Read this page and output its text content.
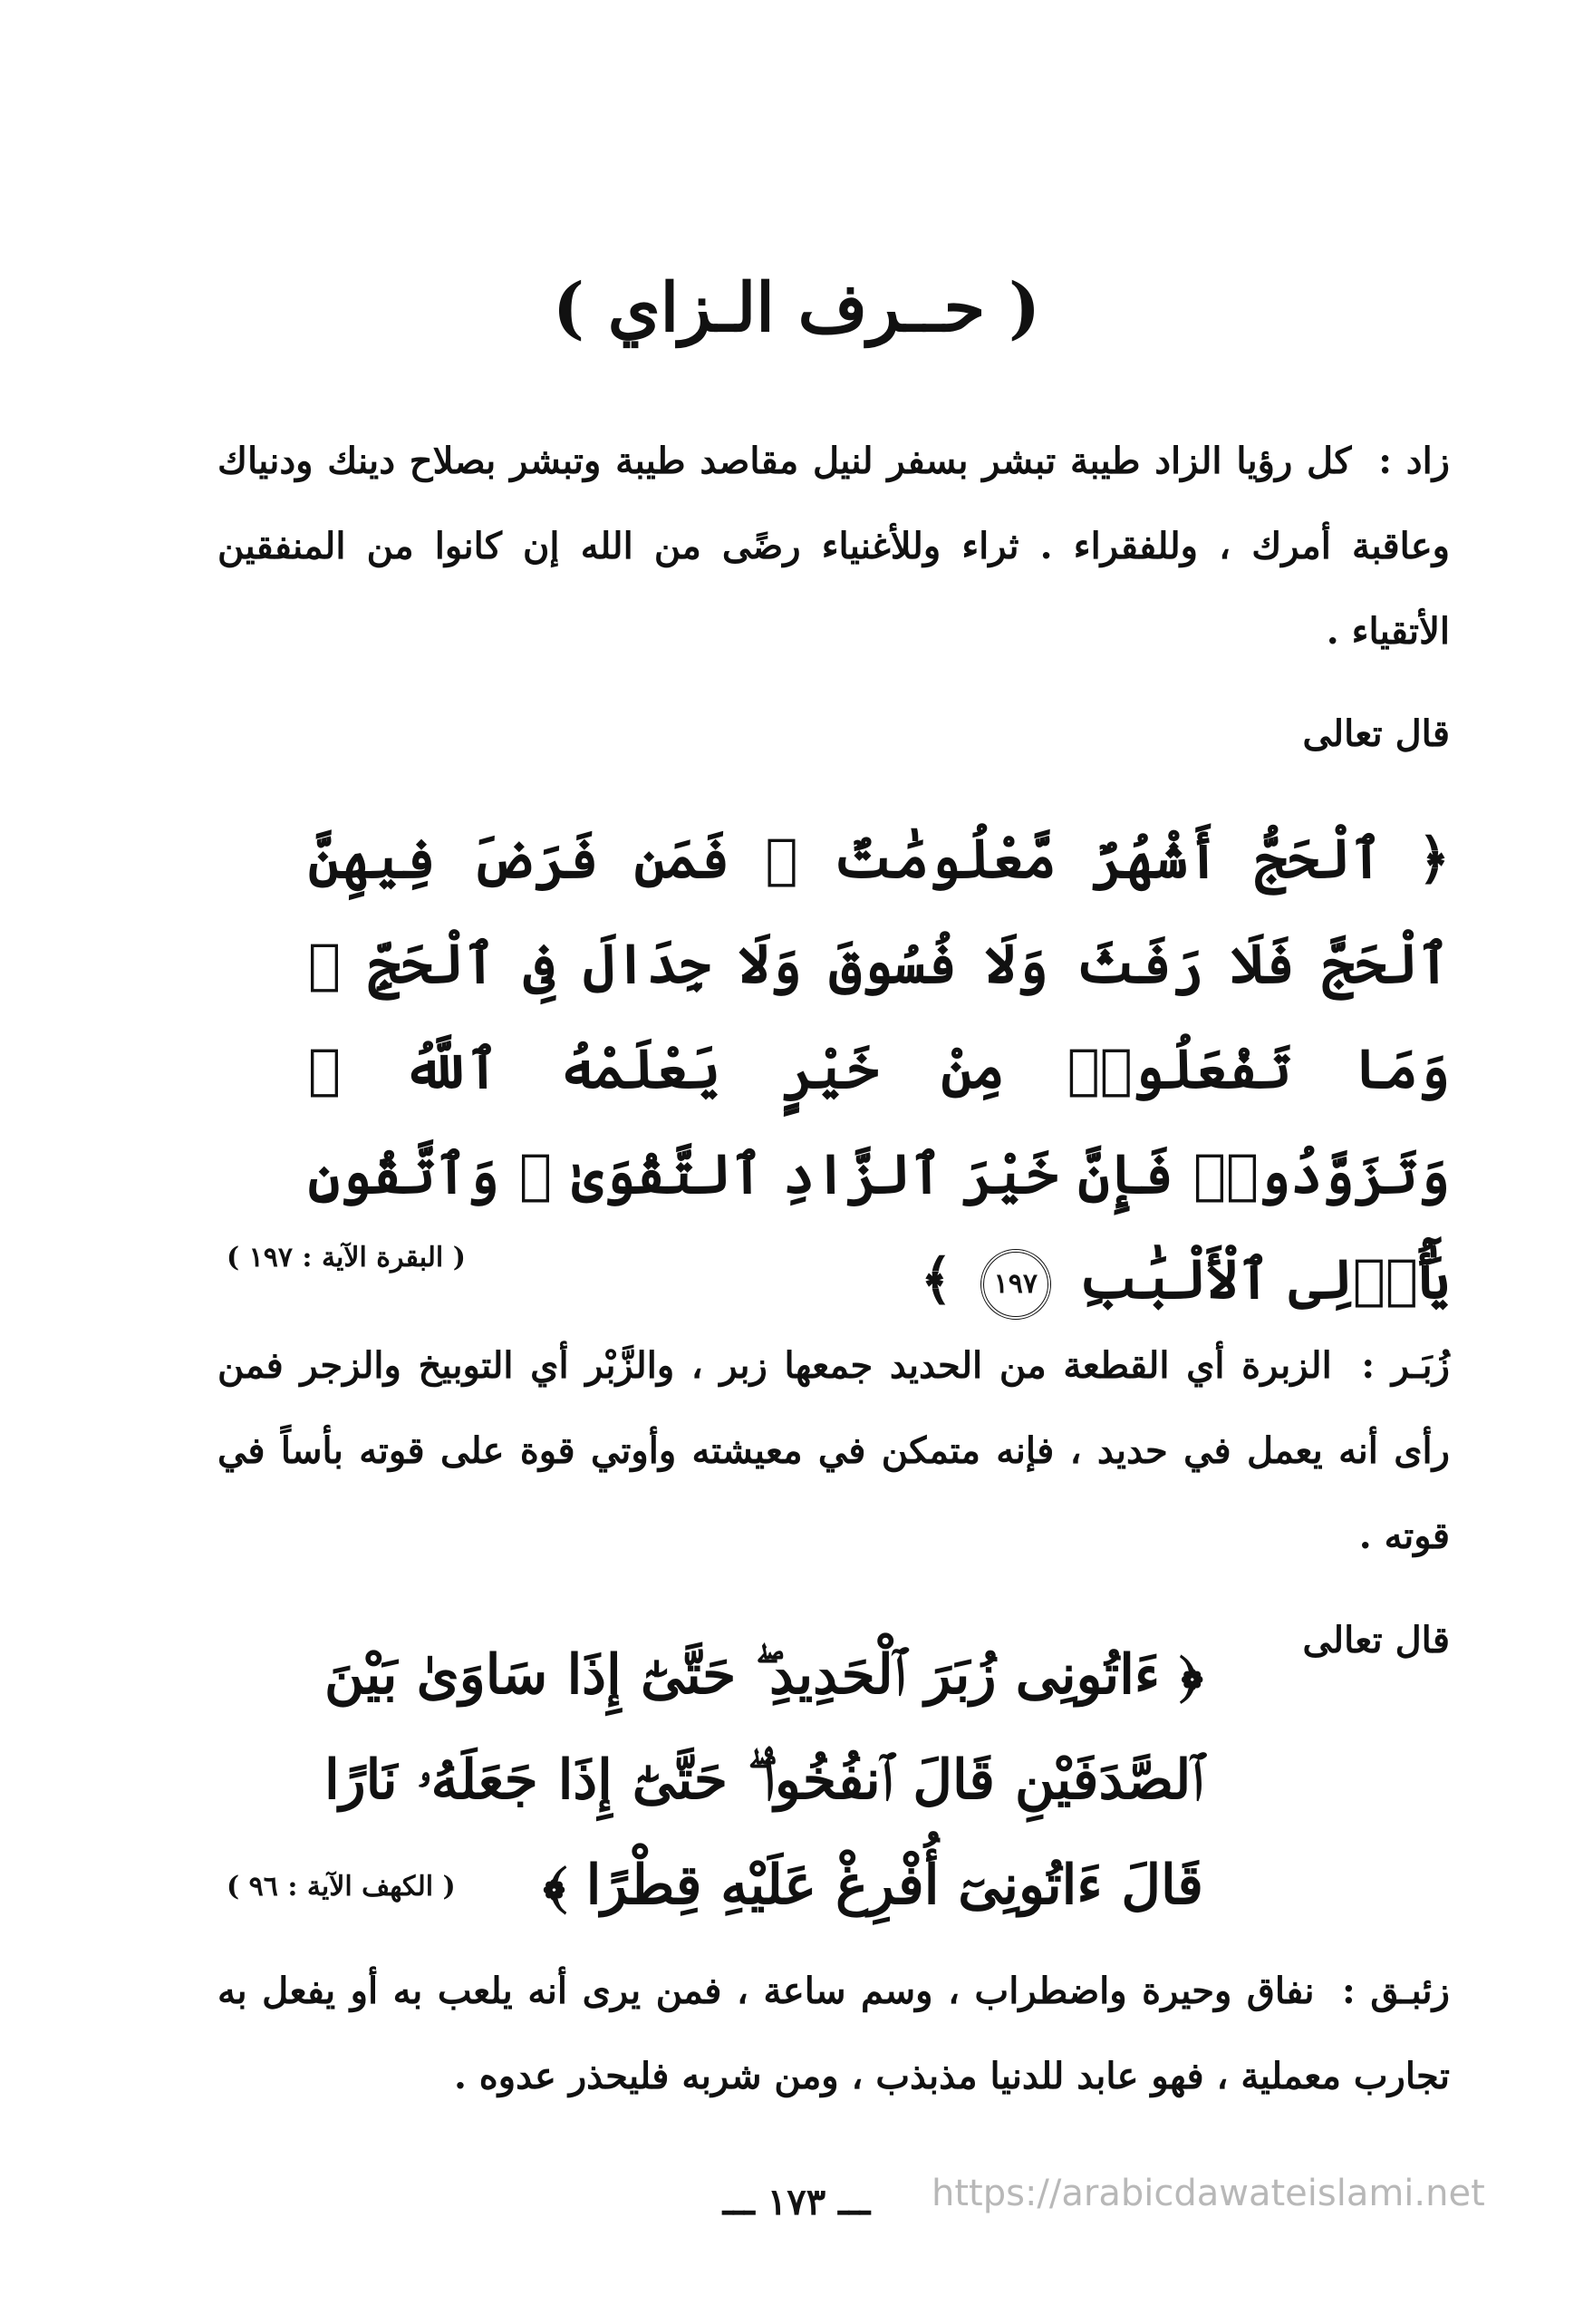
( حــرف الـزاي )
زاد : كل رؤيا الزاد طيبة تبشر بسفر لنيل مقاصد طيبة وتبشر بصلاح دينك ودنياك وعاقبة أمرك ، وللفقراء . ثراء وللأغنياء رضًى من الله إن كانوا من المنفقين الأتقياء .
قال تعالى
﴿ ٱلْحَجُّ أَشْهُرٌ مَّعْلُومَٰتٌ ۚ فَمَن فَرَضَ فِيهِنَّ ٱلْحَجَّ فَلَا رَفَثَ وَلَا فُسُوقَ وَلَا جِدَالَ فِى ٱلْحَجِّ ۗ وَمَا تَفْعَلُوا۟ مِنْ خَيْرٍ يَعْلَمْهُ ٱللَّهُ ۗ وَتَزَوَّدُوا۟ فَإِنَّ خَيْرَ ٱلزَّادِ ٱلتَّقْوَىٰ ۚ وَٱتَّقُونِ يَٰٓأُو۟لِى ٱلْأَلْبَٰبِ ١٩٧ ﴾
( البقرة الآية : ١٩٧ )
زُبَـر : الزبرة أي القطعة من الحديد جمعها زبر ، والزَّبْر أي التوبيخ والزجر فمن رأى أنه يعمل في حديد ، فإنه متمكن في معيشته وأوتي قوة على قوته بأساً في قوته .
قال تعالى
﴿ ءَاتُونِى زُبَرَ ٱلْحَدِيدِ ۖ حَتَّىٰٓ إِذَا سَاوَىٰ بَيْنَ ٱلصَّدَفَيْنِ قَالَ ٱنفُخُوا۟ ۖ حَتَّىٰٓ إِذَا جَعَلَهُۥ نَارًا قَالَ ءَاتُونِىٓ أُفْرِغْ عَلَيْهِ قِطْرًا ﴾
( الكهف الآية : ٩٦ )
زئبـق : نفاق وحيرة واضطراب ، وسم ساعة ، فمن يرى أنه يلعب به أو يفعل به تجارب معملية ، فهو عابد للدنيا مذبذب ، ومن شربه فليحذر عدوه .
ـــ ١٧٣ ـــ	https://arabicdawateislami.net
